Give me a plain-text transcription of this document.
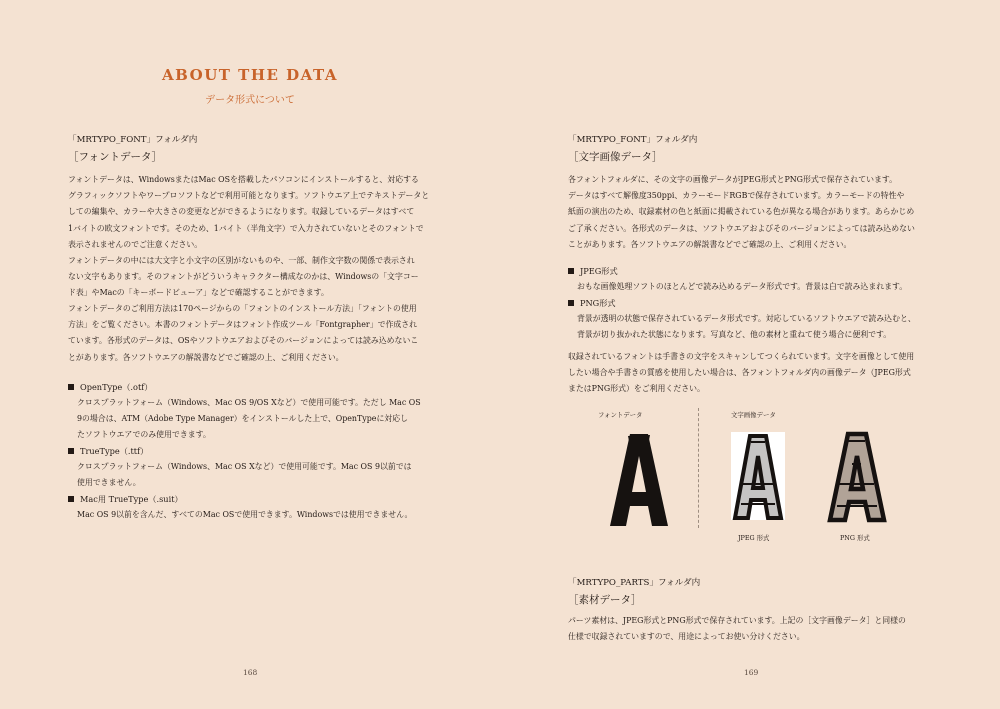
ABOUT THE DATA
データ形式について
「MRTYPO_FONT」フォルダ内
［フォントデータ］

フォントデータは、WindowsまたはMac OSを搭載したパソコンにインストールすると、対応する
グラフィックソフトやワープロソフトなどで利用可能となります。ソフトウエア上でテキストデータと
しての編集や、カラーや大きさの変更などができるようになります。収録しているデータはすべて
1バイトの欧文フォントです。そのため、1バイト（半角文字）で入力されていないとそのフォントで
表示されませんのでご注意ください。
フォントデータの中には大文字と小文字の区別がないものや、一部、制作文字数の関係で表示され
ない文字もあります。そのフォントがどういうキャラクター構成なのかは、Windowsの「文字コー
ド表」やMacの「キーボードビューア」などで確認することができます。

フォントデータのご利用方法は170ページからの「フォントのインストール方法」「フォントの使用
方法」をご覧ください。本書のフォントデータはフォント作成ツール「Fontgrapher」で作成され
ています。各形式のデータは、OSやソフトウエアおよびそのバージョンによっては読み込めないこ
とがあります。各ソフトウエアの解説書などでご確認の上、ご利用ください。

OpenType（.otf）
クロスプラットフォーム（Windows、Mac OS 9/OS Xなど）で使用可能です。ただし Mac OS
9の場合は、ATM（Adobe Type Manager）をインストールした上で、OpenTypeに対応し
たソフトウエアでのみ使用できます。
TrueType（.ttf）
クロスプラットフォーム（Windows、Mac OS Xなど）で使用可能です。Mac OS 9以前では
使用できません。
Mac用 TrueType（.suit）
Mac OS 9以前を含んだ、すべてのMac OSで使用できます。Windowsでは使用できません。
168
「MRTYPO_FONT」フォルダ内
［文字画像データ］

各フォントフォルダに、その文字の画像データがJPEG形式とPNG形式で保存されています。
データはすべて解像度350ppi、カラーモードRGBで保存されています。カラーモードの特性や
紙面の演出のため、収録素材の色と紙面に掲載されている色が異なる場合があります。あらかじめ
ご了承ください。各形式のデータは、ソフトウエアおよびそのバージョンによっては読み込めない
ことがあります。各ソフトウエアの解説書などでご確認の上、ご利用ください。

JPEG形式
おもな画像処理ソフトのほとんどで読み込めるデータ形式です。背景は白で読み込まれます。
PNG形式
背景が透明の状態で保存されているデータ形式です。対応しているソフトウエアで読み込むと、
背景が切り抜かれた状態になります。写真など、他の素材と重ねて使う場合に便利です。

収録されているフォントは手書きの文字をスキャンしてつくられています。文字を画像として使用
したい場合や手書きの質感を使用したい場合は、各フォントフォルダ内の画像データ（JPEG形式
またはPNG形式）をご利用ください。

「MRTYPO_PARTS」フォルダ内
［素材データ］

パーツ素材は、JPEG形式とPNG形式で保存されています。上記の［文字画像データ］と同様の
仕様で収録されていますので、用途によってお使い分けください。

169
フォントデータ	文字画像データ
JPEG 形式	PNG 形式
